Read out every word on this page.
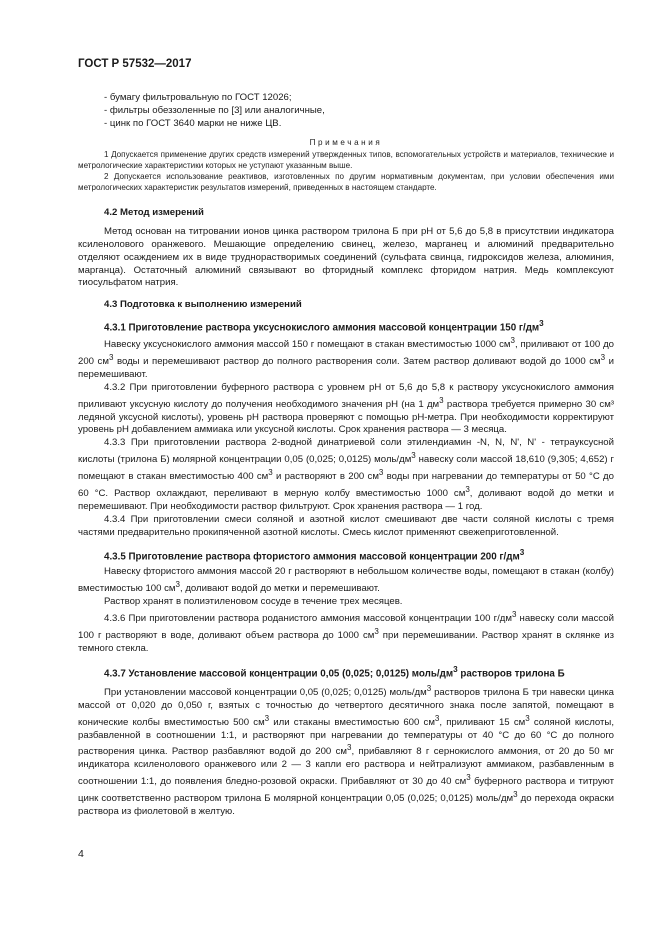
ГОСТ Р 57532—2017

- бумагу фильтровальную по ГОСТ 12026;

- фильтры обеззоленные по [3] или аналогичные,

- цинк по ГОСТ 3640 марки не ниже ЦВ.

Примечания

1 Допускается применение других средств измерений утвержденных типов, вспомогательных устройств и материалов, технические и метрологические характеристики которых не уступают указанным выше.

2 Допускается использование реактивов, изготовленных по другим нормативным документам, при условии обеспечения ими метрологических характеристик результатов измерений, приведенных в настоящем стандарте.

4.2 Метод измерений

Метод основан на титровании ионов цинка раствором трилона Б при pH от 5,6 до 5,8 в присутствии индикатора ксиленолового оранжевого. Мешающие определению свинец, железо, марганец и алюминий предварительно отделяют осаждением их в виде труднорастворимых соединений (сульфата свинца, гидроксидов железа, алюминия, марганца). Остаточный алюминий связывают во фторидный комплекс фторидом натрия. Медь комплексуют тиосульфатом натрия.

4.3 Подготовка к выполнению измерений

4.3.1 Приготовление раствора уксуснокислого аммония массовой концентрации 150 $г/дм^3$

Навеску уксуснокислого аммония массой 150 г помещают в стакан вместимостью 1000 $см^3$, приливают от 100 до 200 $см^3$ воды и перемешивают раствор до полного растворения соли. Затем раствор доливают водой до 1000 $см^3$ и перемешивают.

4.3.2 При приготовлении буферного раствора с уровнем pH от 5,6 до 5,8 к раствору уксуснокислого аммония приливают уксусную кислоту до получения необходимого значения pH (на 1 $дм^3$ раствора требуется примерно 30 см³ ледяной уксусной кислоты), уровень pH раствора проверяют с помощью pH-метра. При необходимости корректируют уровень pH добавлением аммиака или уксусной кислоты. Срок хранения раствора — 3 месяца.

4.3.3 При приготовлении раствора 2-водной динатриевой соли этилендиамин -N, N, N', N' - тетрауксусной кислоты (трилона Б) молярной концентрации 0,05 (0,025; 0,0125) моль/$дм^3$ навеску соли массой 18,610 (9,305; 4,652) г помещают в стакан вместимостью 400 $см^3$ и растворяют в 200 $см^3$ воды при нагревании до температуры от 50 °C до 60 °C. Раствор охлаждают, переливают в мерную колбу вместимостью 1000 $см^3$, доливают водой до метки и перемешивают. При необходимости раствор фильтруют. Срок хранения раствора — 1 год.

4.3.4 При приготовлении смеси соляной и азотной кислот смешивают две части соляной кислоты с тремя частями предварительно прокипяченной азотной кислоты. Смесь кислот применяют свежеприготовленной.

4.3.5 Приготовление раствора фтористого аммония массовой концентрации 200 $г/дм^3$

Навеску фтористого аммония массой 20 г растворяют в небольшом количестве воды, помещают в стакан (колбу) вместимостью 100 $см^3$, доливают водой до метки и перемешивают.

Раствор хранят в полиэтиленовом сосуде в течение трех месяцев.

4.3.6 При приготовлении раствора роданистого аммония массовой концентрации 100 $г/дм^3$ навеску соли массой 100 г растворяют в воде, доливают объем раствора до 1000 $см^3$ при перемешивании. Раствор хранят в склянке из темного стекла.

4.3.7 Установление массовой концентрации 0,05 (0,025; 0,0125) моль/$дм^3$ растворов трилона Б

При установлении массовой концентрации 0,05 (0,025; 0,0125) моль/$дм^3$ растворов трилона Б три навески цинка массой от 0,020 до 0,050 г, взятых с точностью до четвертого десятичного знака после запятой, помещают в конические колбы вместимостью 500 $см^3$ или стаканы вместимостью 600 $см^3$, приливают 15 $см^3$ соляной кислоты, разбавленной в соотношении 1:1, и растворяют при нагревании до температуры от 40 °C до 60 °C до полного растворения цинка. Раствор разбавляют водой до 200 $см^3$, прибавляют 8 г сернокислого аммония, от 20 до 50 мг индикатора ксиленолового оранжевого или 2 — 3 капли его раствора и нейтрализуют аммиаком, разбавленным в соотношении 1:1, до появления бледно-розовой окраски. Прибавляют от 30 до 40 $см^3$ буферного раствора и титруют цинк соответственно раствором трилона Б молярной концентрации 0,05 (0,025; 0,0125) моль/$дм^3$ до перехода окраски раствора из фиолетовой в желтую.

4
